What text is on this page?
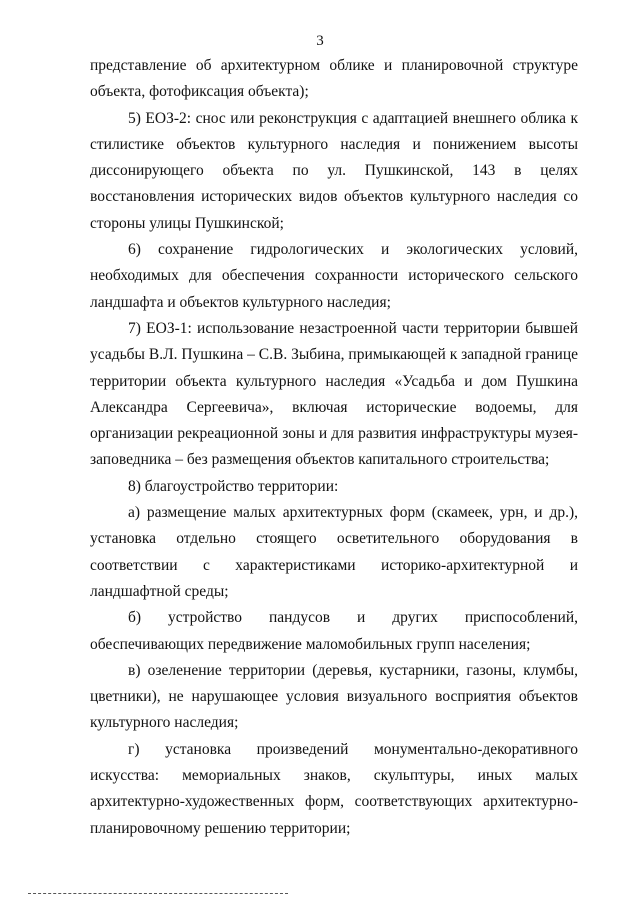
3

представление об архитектурном облике и планировочной структуре объекта, фотофиксация объекта);

5) ЕОЗ-2: снос или реконструкция с адаптацией внешнего облика к стилистике объектов культурного наследия и понижением высоты диссонирующего объекта по ул. Пушкинской, 143 в целях восстановления исторических видов объектов культурного наследия со стороны улицы Пушкинской;

6) сохранение гидрологических и экологических условий, необходимых для обеспечения сохранности исторического сельского ландшафта и объектов культурного наследия;

7) ЕОЗ-1: использование незастроенной части территории бывшей усадьбы В.Л. Пушкина – С.В. Зыбина, примыкающей к западной границе территории объекта культурного наследия «Усадьба и дом Пушкина Александра Сергеевича», включая исторические водоемы, для организации рекреационной зоны и для развития инфраструктуры музея-заповедника – без размещения объектов капитального строительства;

8) благоустройство территории:

а) размещение малых архитектурных форм (скамеек, урн, и др.), установка отдельно стоящего осветительного оборудования в соответствии с характеристиками историко-архитектурной и ландшафтной среды;

б) устройство пандусов и других приспособлений, обеспечивающих передвижение маломобильных групп населения;

в) озеленение территории (деревья, кустарники, газоны, клумбы, цветники), не нарушающее условия визуального восприятия объектов культурного наследия;

г) установка произведений монументально-декоративного искусства: мемориальных знаков, скульптуры, иных малых архитектурно-художественных форм, соответствующих архитектурно-планировочному решению территории;
